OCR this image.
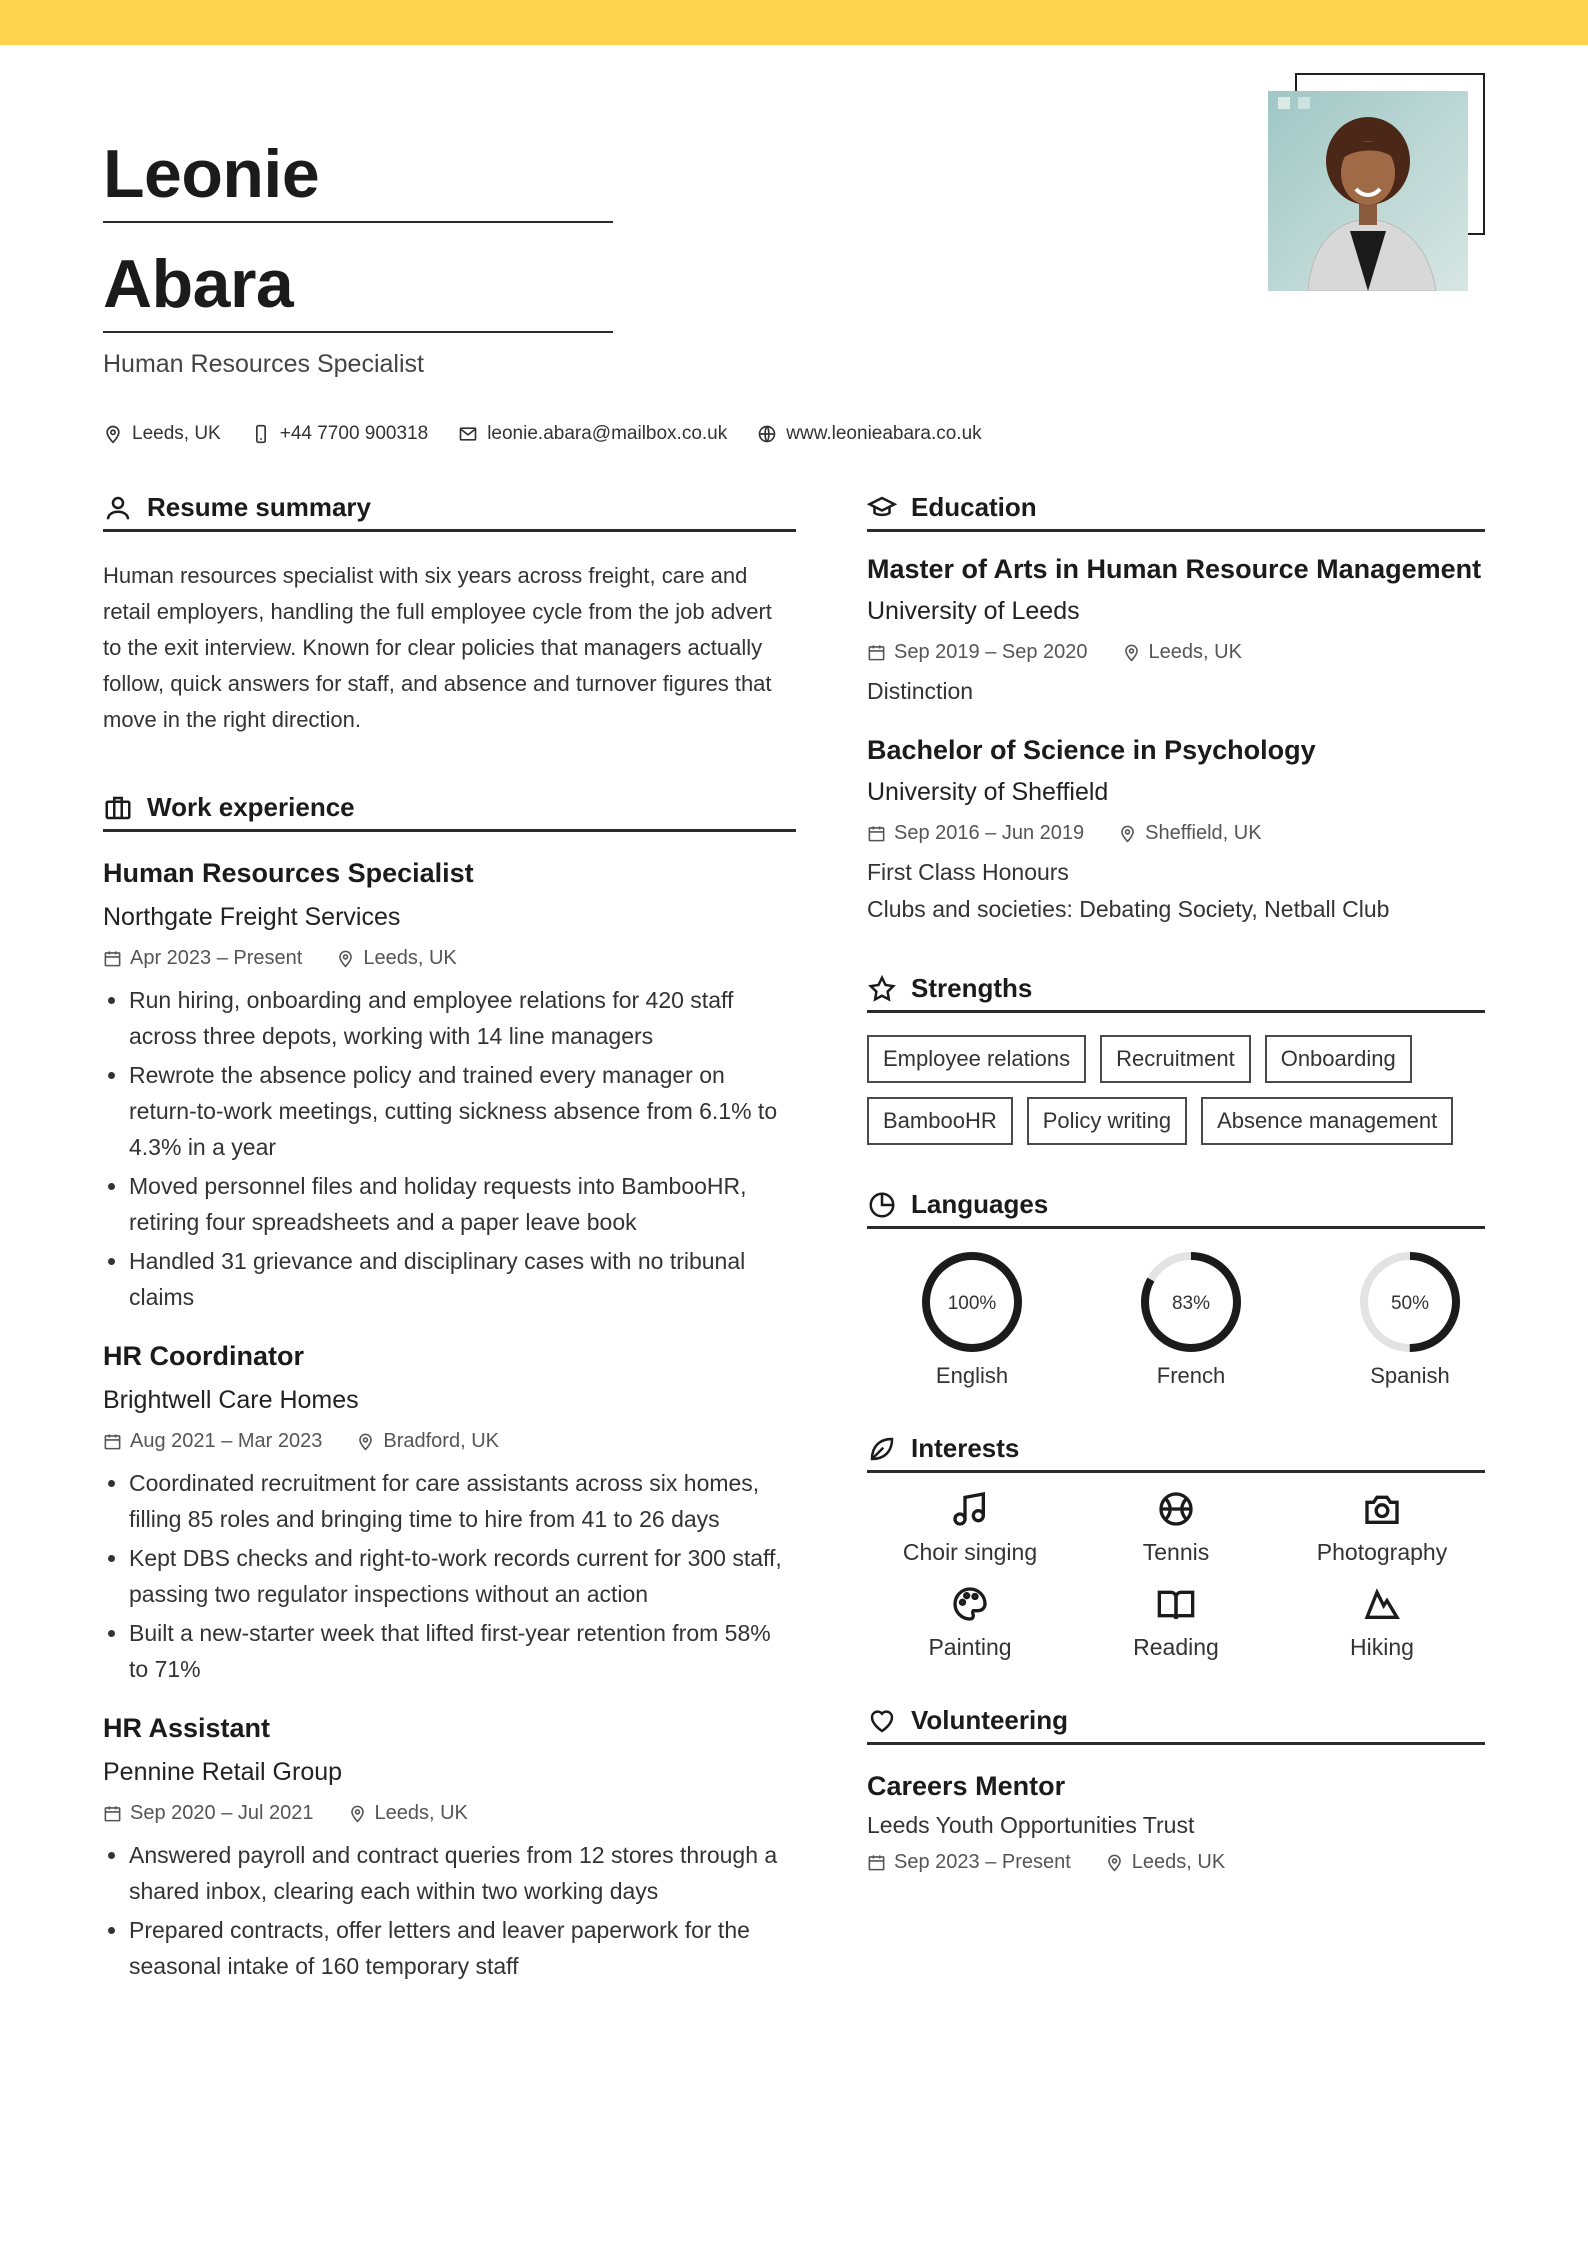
Leonie
Abara
Human Resources Specialist
Leeds, UK	+44 7700 900318	leonie.abara@mailbox.co.uk	www.leonieabara.co.uk
Resume summary

Human resources specialist with six years across freight, care and retail employers, handling the full employee cycle from the job advert to the exit interview. Known for clear policies that managers actually follow, quick answers for staff, and absence and turnover figures that move in the right direction.

Work experience
Human Resources Specialist
Northgate Freight Services
Apr 2023 – Present	Leeds, UK
• Run hiring, onboarding and employee relations for 420 staff across three depots, working with 14 line managers
• Rewrote the absence policy and trained every manager on return-to-work meetings, cutting sickness absence from 6.1% to 4.3% in a year
• Moved personnel files and holiday requests into BambooHR, retiring four spreadsheets and a paper leave book
• Handled 31 grievance and disciplinary cases with no tribunal claims
HR Coordinator
Brightwell Care Homes
Aug 2021 – Mar 2023	Bradford, UK
• Coordinated recruitment for care assistants across six homes, filling 85 roles and bringing time to hire from 41 to 26 days
• Kept DBS checks and right-to-work records current for 300 staff, passing two regulator inspections without an action
• Built a new-starter week that lifted first-year retention from 58% to 71%
HR Assistant
Pennine Retail Group
Sep 2020 – Jul 2021	Leeds, UK
• Answered payroll and contract queries from 12 stores through a shared inbox, clearing each within two working days
• Prepared contracts, offer letters and leaver paperwork for the seasonal intake of 160 temporary staff
Education
Master of Arts in Human Resource Management
University of Leeds
Sep 2019 – Sep 2020	Leeds, UK
Distinction
Bachelor of Science in Psychology
University of Sheffield
Sep 2016 – Jun 2019	Sheffield, UK
First Class Honours
Clubs and societies: Debating Society, Netball Club
Strengths
Employee relations	Recruitment	Onboarding
BambooHR	Policy writing	Absence management
Languages
100%
English
83%
French
50%
Spanish
Interests
Choir singing	Tennis	Photography
Painting	Reading	Hiking
Volunteering
Careers Mentor
Leeds Youth Opportunities Trust
Sep 2023 – Present	Leeds, UK
